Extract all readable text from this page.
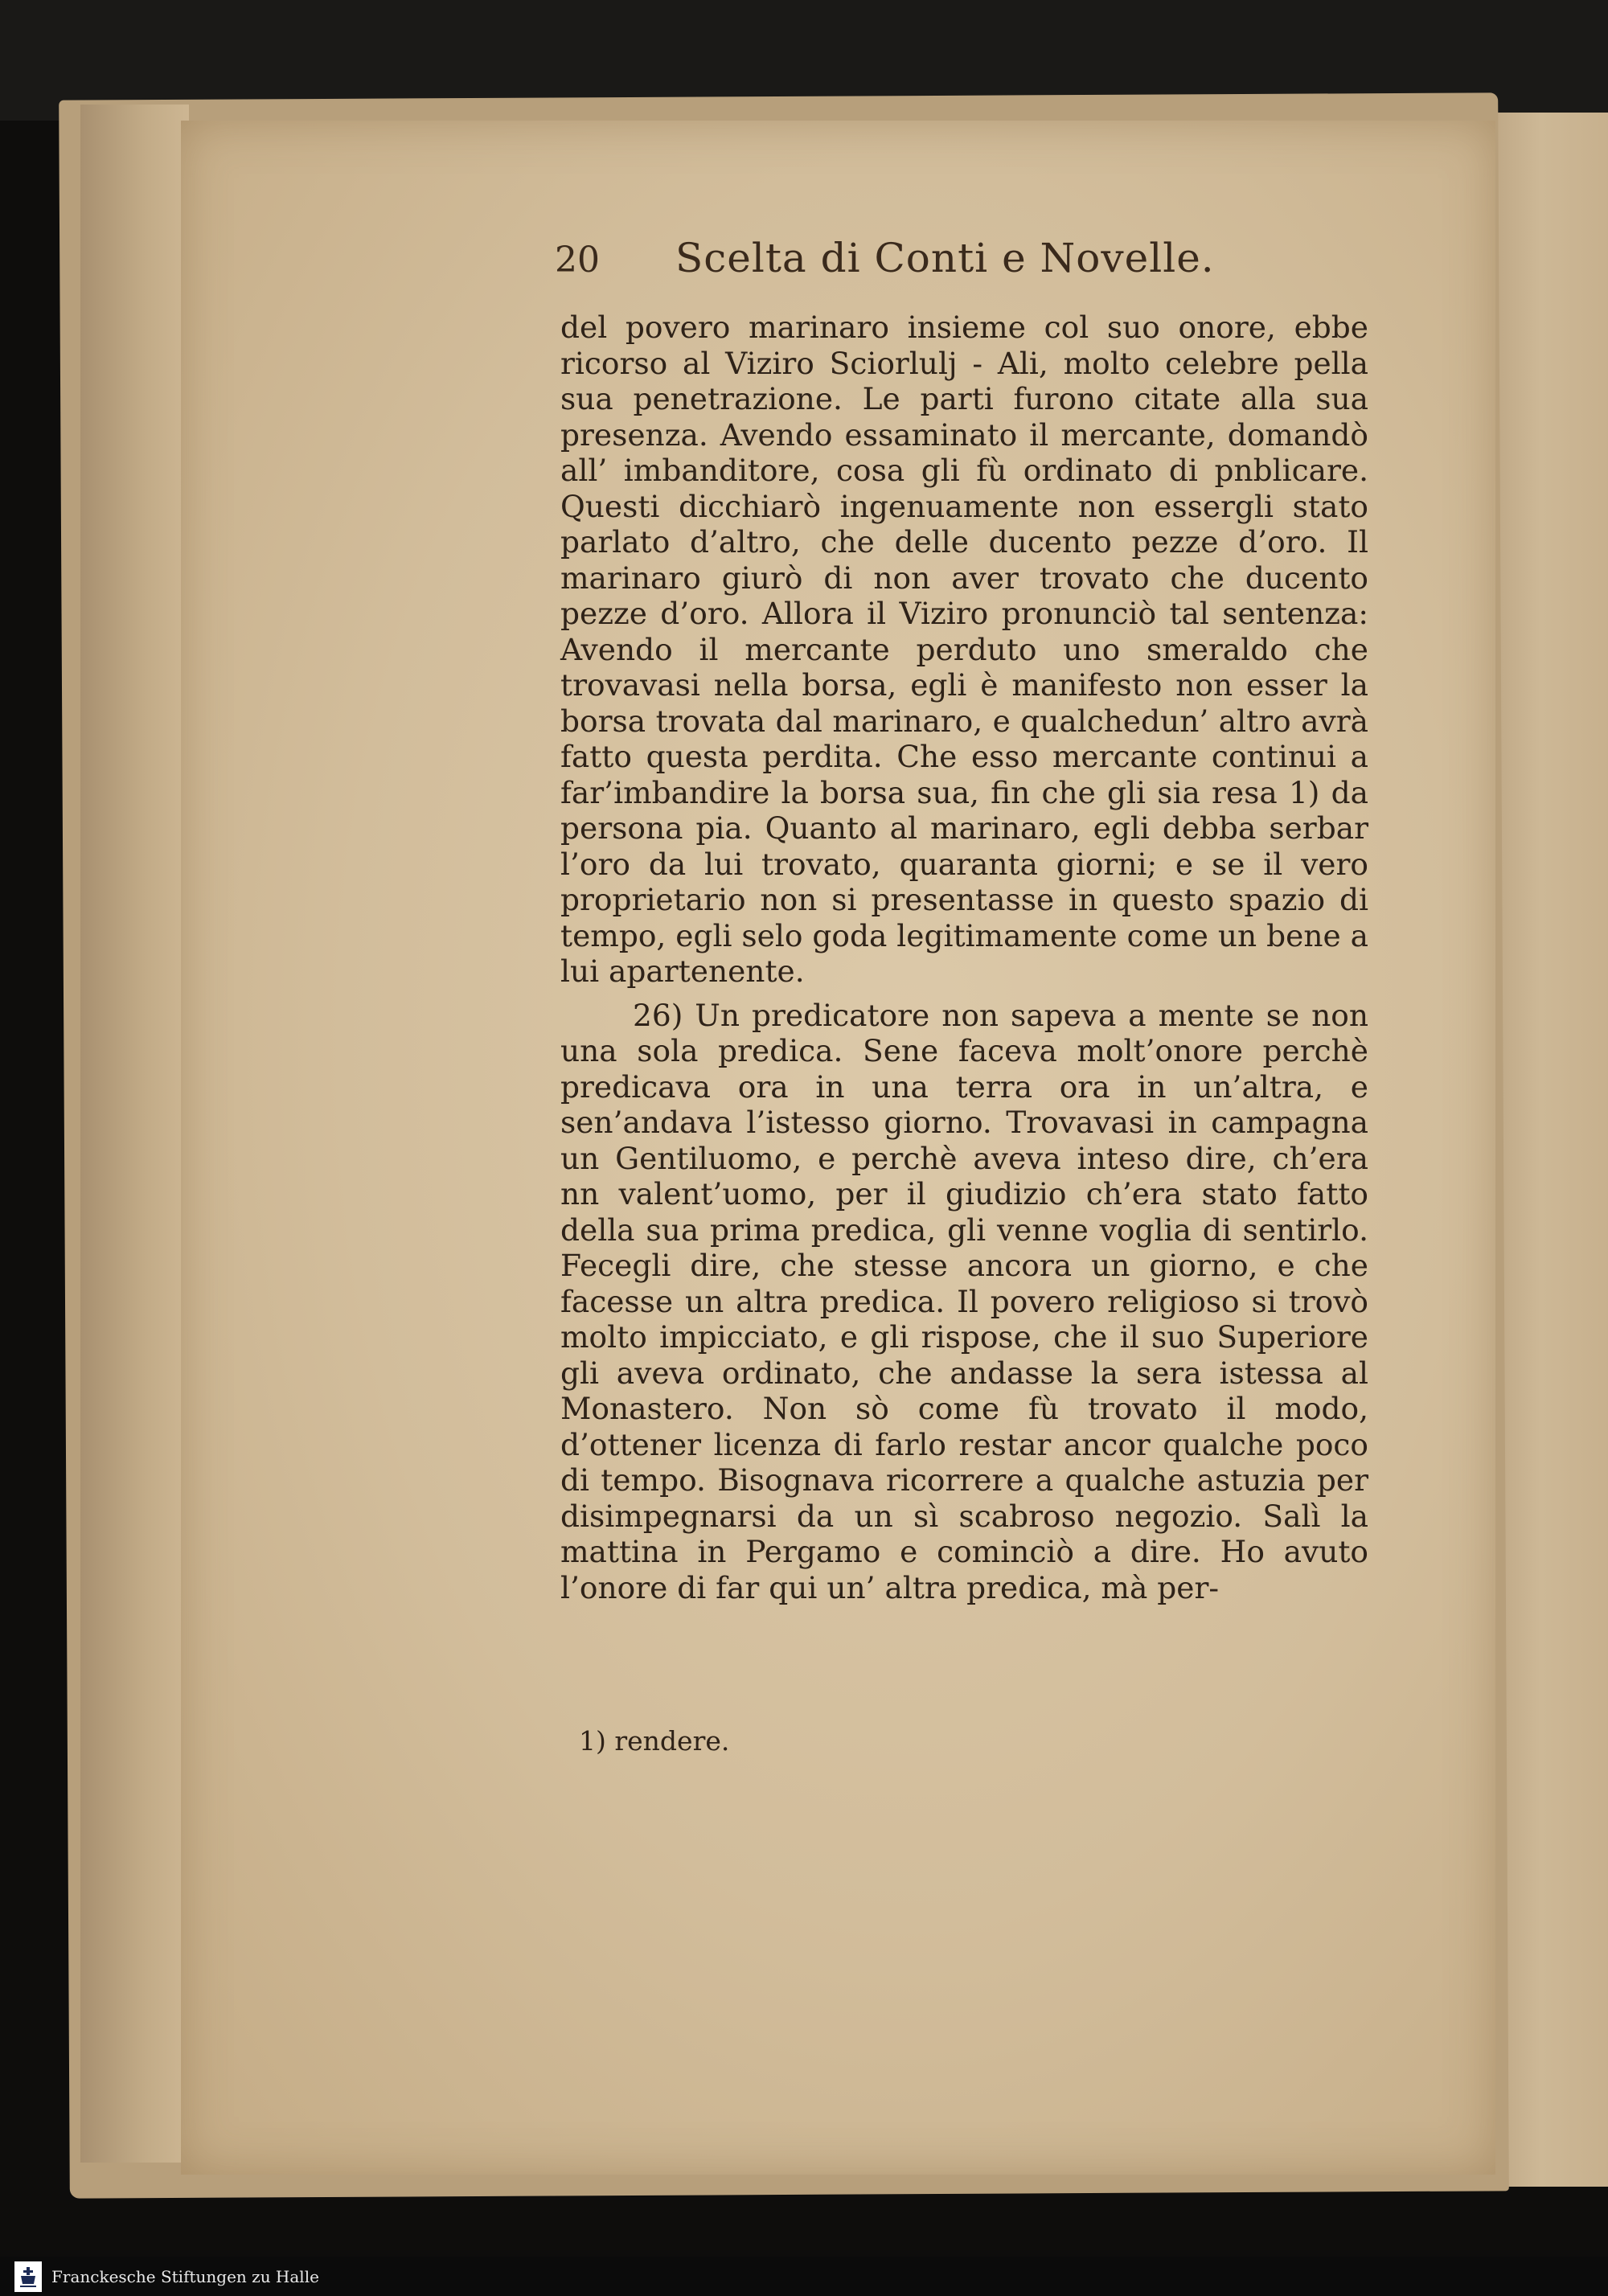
20	Scelta di Conti e Novelle.

del povero marinaro insieme col suo onore, ebbe ricorso al Viziro Sciorlulj - Ali, molto celebre pella sua penetrazione. Le parti furono citate alla sua presenza. Avendo essaminato il mercante, domandò all’ imbanditore, cosa gli fù ordinato di pnblicare. Questi dicchiarò ingenuamente non essergli stato parlato d’altro, che delle ducento pezze d’oro. Il marinaro giurò di non aver trovato che ducento pezze d’oro. Allora il Viziro pronunciò tal sentenza: Avendo il mercante perduto uno smeraldo che trovavasi nella borsa, egli è manifesto non esser la borsa trovata dal marinaro, e qualchedun’ altro avrà fatto questa perdita. Che esso mercante continui a far’imbandire la borsa sua, fin che gli sia resa 1) da persona pia. Quanto al marinaro, egli debba serbar l’oro da lui trovato, quaranta giorni; e se il vero proprietario non si presentasse in questo spazio di tempo, egli selo goda legitimamente come un bene a lui apartenente.

26) Un predicatore non sapeva a mente se non una sola predica. Sene faceva molt’onore perchè predicava ora in una terra ora in un’altra, e sen’andava l’istesso giorno. Trovavasi in campagna un Gentiluomo, e perchè aveva inteso dire, ch’era nn valent’uomo, per il giudizio ch’era stato fatto della sua prima predica, gli venne voglia di sentirlo. Fecegli dire, che stesse ancora un giorno, e che facesse un altra predica. Il povero religioso si trovò molto impicciato, e gli rispose, che il suo Superiore gli aveva ordinato, che andasse la sera istessa al Monastero. Non sò come fù trovato il modo, d’ottener licenza di farlo restar ancor qualche poco di tempo. Bisognava ricorrere a qualche astuzia per disimpegnarsi da un sì scabroso negozio. Salì la mattina in Pergamo e cominciò a dire. Ho avuto l’onore di far qui un’ altra predica, mà per-

1) rendere.
Franckesche Stiftungen zu Halle
